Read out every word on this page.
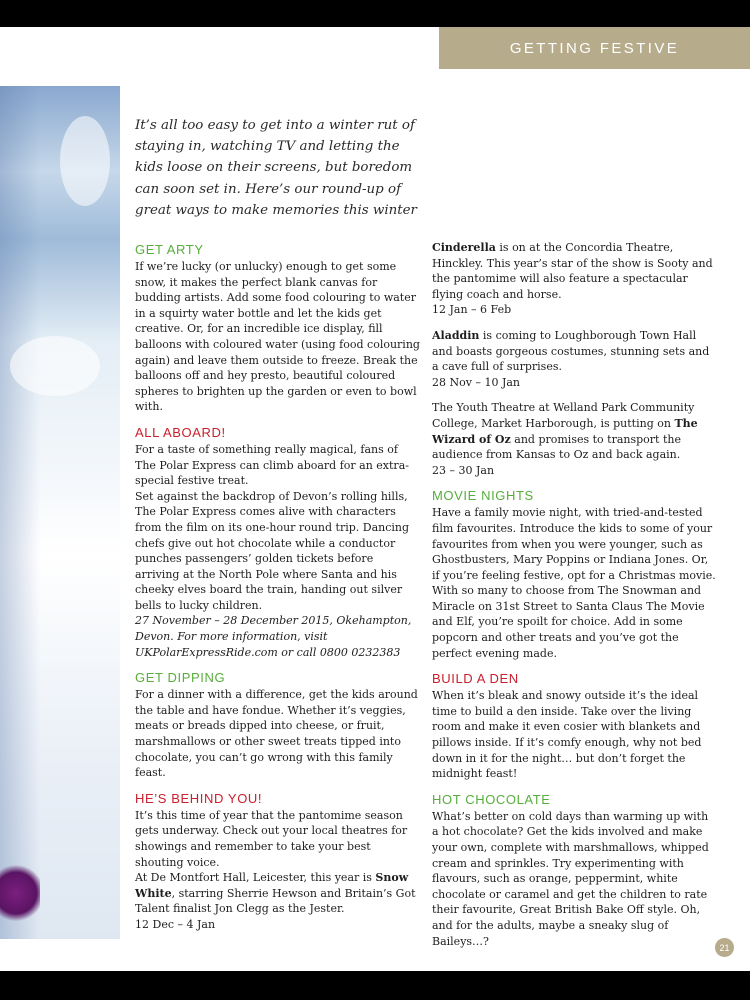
GETTING FESTIVE

It’s all too easy to get into a winter rut of staying in, watching TV and letting the kids loose on their screens, but boredom can soon set in. Here’s our round-up of great ways to make memories this winter

GET ARTY

If we’re lucky (or unlucky) enough to get some snow, it makes the perfect blank canvas for budding artists. Add some food colouring to water in a squirty water bottle and let the kids get creative. Or, for an incredible ice display, fill balloons with coloured water (using food colouring again) and leave them outside to freeze. Break the balloons off and hey presto, beautiful coloured spheres to brighten up the garden or even to bowl with.

ALL ABOARD!

For a taste of something really magical, fans of The Polar Express can climb aboard for an extra-special festive treat.

Set against the backdrop of Devon’s rolling hills, The Polar Express comes alive with characters from the film on its one-hour round trip. Dancing chefs give out hot chocolate while a conductor punches passengers’ golden tickets before arriving at the North Pole where Santa and his cheeky elves board the train, handing out silver bells to lucky children.

27 November – 28 December 2015, Okehampton, Devon. For more information, visit UKPolarExpressRide.com or call 0800 0232383

GET DIPPING

For a dinner with a difference, get the kids around the table and have fondue. Whether it’s veggies, meats or breads dipped into cheese, or fruit, marshmallows or other sweet treats tipped into chocolate, you can’t go wrong with this family feast.

HE’S BEHIND YOU!

It’s this time of year that the pantomime season gets underway. Check out your local theatres for showings and remember to take your best shouting voice.

At De Montfort Hall, Leicester, this year is Snow White, starring Sherrie Hewson and Britain’s Got Talent finalist Jon Clegg as the Jester.

12 Dec – 4 Jan

Cinderella is on at the Concordia Theatre, Hinckley. This year’s star of the show is Sooty and the pantomime will also feature a spectacular flying coach and horse.

12 Jan – 6 Feb

Aladdin is coming to Loughborough Town Hall and boasts gorgeous costumes, stunning sets and a cave full of surprises.

28 Nov – 10 Jan

The Youth Theatre at Welland Park Community College, Market Harborough, is putting on The Wizard of Oz and promises to transport the audience from Kansas to Oz and back again.

23 – 30 Jan

MOVIE NIGHTS

Have a family movie night, with tried-and-tested film favourites. Introduce the kids to some of your favourites from when you were younger, such as Ghostbusters, Mary Poppins or Indiana Jones. Or, if you’re feeling festive, opt for a Christmas movie. With so many to choose from The Snowman and Miracle on 31st Street to Santa Claus The Movie and Elf, you’re spoilt for choice. Add in some popcorn and other treats and you’ve got the perfect evening made.

BUILD A DEN

When it’s bleak and snowy outside it’s the ideal time to build a den inside. Take over the living room and make it even cosier with blankets and pillows inside. If it’s comfy enough, why not bed down in it for the night… but don’t forget the midnight feast!

HOT CHOCOLATE

What’s better on cold days than warming up with a hot chocolate? Get the kids involved and make your own, complete with marshmallows, whipped cream and sprinkles. Try experimenting with flavours, such as orange, peppermint, white chocolate or caramel and get the children to rate their favourite, Great British Bake Off style. Oh, and for the adults, maybe a sneaky slug of Baileys…?	21
